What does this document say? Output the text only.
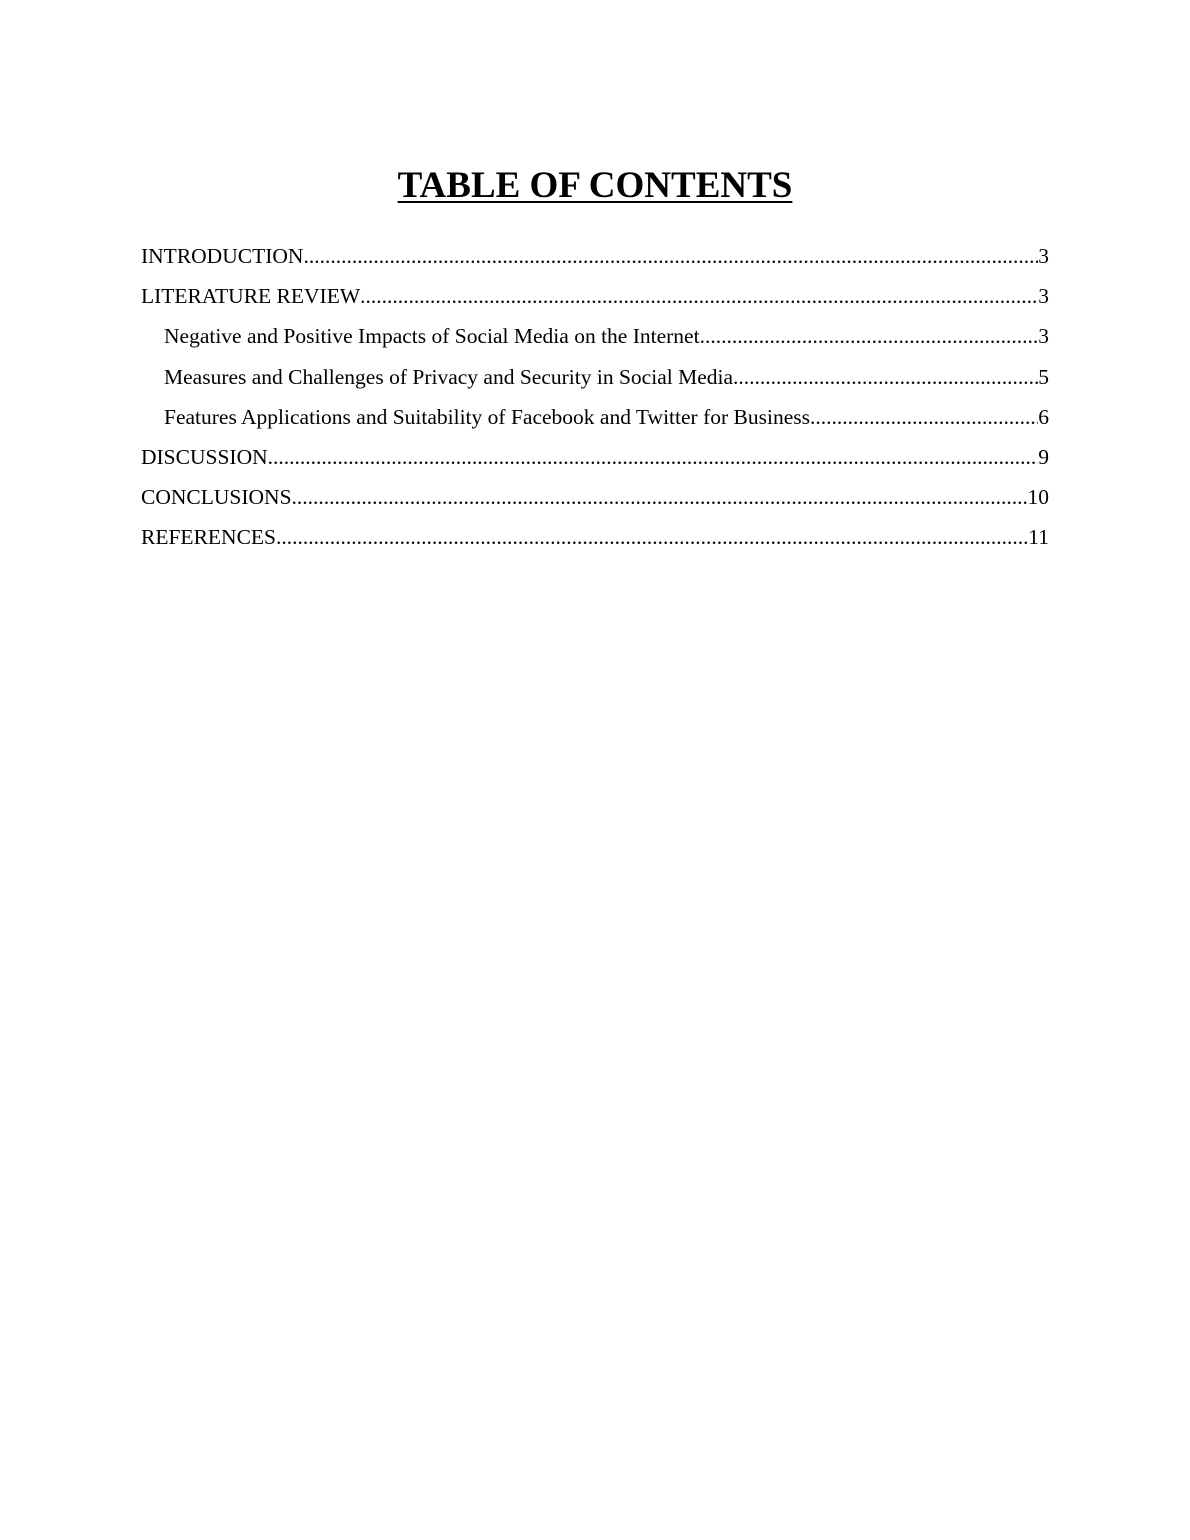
TABLE OF CONTENTS
INTRODUCTION .....	3
LITERATURE REVIEW .....	3
Negative and Positive Impacts of Social Media on the Internet .....	3
Measures and Challenges of Privacy and Security in Social Media .....	5
Features Applications and Suitability of Facebook and Twitter for Business .....	6
DISCUSSION .....	9
CONCLUSIONS .....	10
REFERENCES .....	11
